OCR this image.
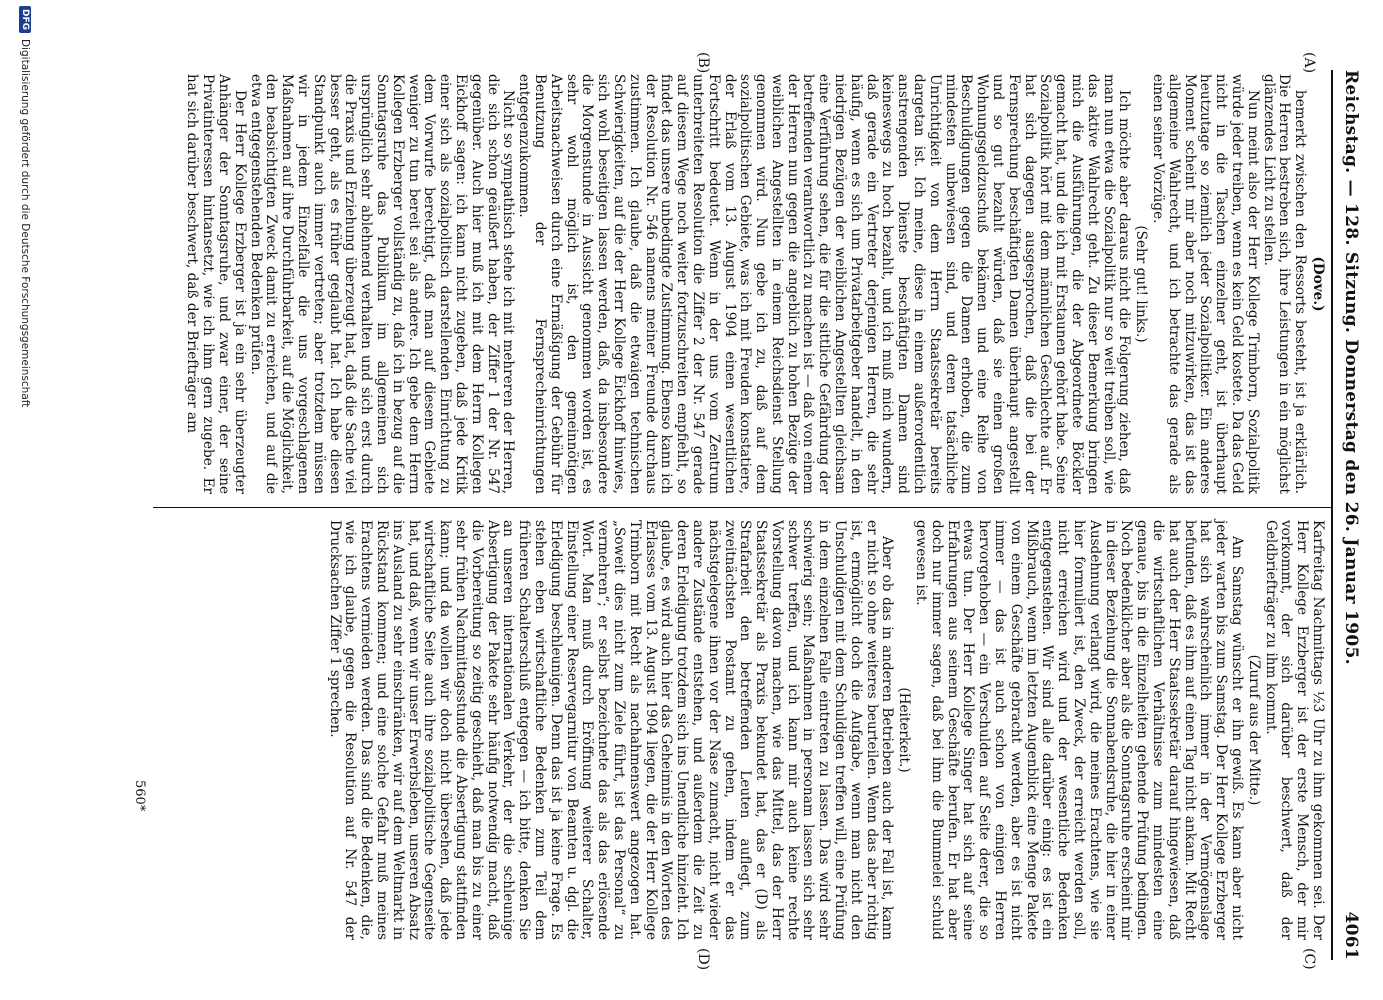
Reichstag. — 128. Sitzung. Donnerstag den 26. Januar 1905.
4061
(A)
(B)
(C)
(D)
(Dove.)

bemerkt zwischen den Ressorts besteht, ist ja erklärlich. Die Herren bestreben sich, ihre Leistungen in ein möglichst glänzendes Licht zu stellen.

Nun meint also der Herr Kollege Trimborn, Sozialpolitik würde jeder treiben, wenn es kein Geld kostete. Da das Geld nicht in die Taschen einzelner geht, ist überhaupt heutzutage so ziemlich jeder Sozialpolitiker. Ein anderes Moment scheint mir aber noch mitzuwirken, das ist das allgemeine Wahlrecht, und ich betrachte das gerade als einen seiner Vorzüge.

(Sehr gut! links.)

Ich möchte aber daraus nicht die Folgerung ziehen, daß man nun etwa die Sozialpolitik nur so weit treiben soll, wie das aktive Wahlrecht geht. Zu dieser Bemerkung bringen mich die Ausführungen, die der Abgeordnete Böckler gemacht hat, und die ich mit Erstaunen gehört habe. Seine Sozialpolitik hört mit dem männlichen Geschlechte auf. Er hat sich dagegen ausgesprochen, daß die bei der Fernsprechung beschäftigten Damen überhaupt angestellt und so gut bezahlt würden, daß sie einen großen Wohnungsgeldzuschuß bekämen und eine Reihe von Beschuldigungen gegen die Damen erhoben, die zum mindesten unbewiesen sind, und deren tatsächliche Unrichtigkeit von dem Herrn Staatssekretär bereits dargetan ist. Ich meine, diese in einem außerordentlich anstrengenden Dienste beschäftigten Damen sind keineswegs zu hoch bezahlt, und ich muß mich wundern, daß gerade ein Vertreter derjenigen Herren, die sehr häufig, wenn es sich um Privatarbeitgeber handelt, in den niedrigen Bezügen der weiblichen Angestellten gleichsam eine Verführung sehen, die für die sittliche Gefährdung der betreffenden verantwortlich zu machen ist — daß von einem der Herren nun gegen die angeblich zu hohen Bezüge der weiblichen Angestellten in einem Reichsdienst Stellung genommen wird. Nun gebe ich zu, daß auf dem sozialpolitischen Gebiete, was ich mit Freuden konstatiere, der Erlaß vom 13. August 1904 einen wesentlichen Fortschritt bedeutet. Wenn in der uns vom Zentrum unterbreiteten Resolution die Ziffer 2 der Nr. 547 gerade auf diesem Wege noch weiter fortzuschreiten empfiehlt, so findet das unsere unbedingte Zustimmung. Ebenso kann ich der Resolution Nr. 546 namens meiner Freunde durchaus zustimmen. Ich glaube, daß die etwaigen technischen Schwierigkeiten, auf die der Herr Kollege Eickhoff hinwies, sich wohl beseitigen lassen werden, daß, da insbesondere die Morgenstunde in Aussicht genommen worden ist, es sehr wohl möglich ist, den gemeinnötigen Arbeitsnachweisen durch eine Ermäßigung der Gebühr für Benutzung der Fernsprecheinrichtungen entgegenzukommen.

Nicht so sympathisch stehe ich mit mehreren der Herren, die sich schon geäußert haben, der Ziffer 1 der Nr. 547 gegenüber. Auch hier muß ich mit dem Herrn Kollegen Eickhoff sagen: ich kann nicht zugeben, daß jede Kritik einer sich als sozialpolitisch darstellenden Einrichtung zu dem Vorwurfe berechtigt, daß man auf diesem Gebiete weniger zu tun bereit sei als andere. Ich gebe dem Herrn Kollegen Erzberger vollständig zu, daß ich in bezug auf die Sonntagsruhe das Publikum im allgemeinen sich ursprünglich sehr ablehnend verhalten und sich erst durch die Praxis und Erziehung überzeugt hat, daß die Sache viel besser geht, als es früher geglaubt hat. Ich habe diesen Standpunkt auch immer vertreten; aber trotzdem müssen wir in jedem Einzelfalle die uns vorgeschlagenen Maßnahmen auf ihre Durchführbarkeit, auf die Möglichkeit, den beabsichtigten Zweck damit zu erreichen, und auf die etwa entgegenstehenden Bedenken prüfen.

Der Herr Kollege Erzberger ist ja ein sehr überzeugter Anhänger der Sonntagsruhe, und zwar einer, der seine Privatinteressen hintansetzt, wie ich ihm gern zugebe. Er hat sich darüber beschwert, daß der Briefträger am

Karfreitag Nachmittags ½3 Uhr zu ihm gekommen sei. Der Herr Kollege Erzberger ist der erste Mensch, der mir vorkommt, der sich darüber beschwert, daß der Geldbriefträger zu ihm kommt.

(Zuruf aus der Mitte.)

Am Samstag wünscht er ihn gewiß. Es kann aber nicht jeder warten bis zum Samstag. Der Herr Kollege Erzberger hat sich wahrscheinlich immer in der Vermögenslage befunden, daß es ihm auf einen Tag nicht ankam. Mit Recht hat auch der Herr Staatssekretär darauf hingewiesen, daß die wirtschaftlichen Verhältnisse zum mindesten eine genaue, bis in die Einzelheiten gehende Prüfung bedingen. Noch bedenklicher aber als die Sonntagsruhe erscheint mir in dieser Beziehung die Sonnabendsruhe, die hier in einer Ausdehnung verlangt wird, die meines Erachtens, wie sie hier formuliert ist, den Zweck, der erreicht werden soll, nicht erreichen wird und der wesentliche Bedenken entgegenstehen. Wir sind alle darüber einig: es ist ein Mißbrauch, wenn im letzten Augenblick eine Menge Pakete von einem Geschäfte gebracht werden, aber es ist nicht immer — das ist auch schon von einigen Herren hervorgehoben — ein Verschulden auf Seite derer, die so etwas tun. Der Herr Kollege Singer hat sich auf seine Erfahrungen aus seinem Geschäfte berufen. Er hat aber doch nur immer sagen, daß bei ihm die Bummelei schuld gewesen ist.

(Heiterkeit.)

Aber ob das in anderen Betrieben auch der Fall ist, kann er nicht so ohne weiteres beurteilen. Wenn das aber richtig ist, ermöglicht doch die Aufgabe, wenn man nicht den Unschuldigen mit dem Schuldigen treffen will, eine Prüfung in dem einzelnen Falle eintreten zu lassen. Das wird sehr schwierig sein; Maßnahmen in personam lassen sich sehr schwer treffen, und ich kann mir auch keine rechte Vorstellung davon machen, wie das Mittel, das der Herr Staatssekretär als Praxis bekundet hat, das er (D) als Strafarbeit den betreffenden Leuten auflegt, zum zweitnächsten Postamt zu gehen, indem er das nächstgelegene ihnen vor der Nase zumacht, nicht wieder andere Zustände entstehen, und außerdem die Zeit zu deren Erledigung trotzdem sich ins Unendliche hinzieht. Ich glaube, es wird auch hier das Geheimnis in den Worten des Erlasses vom 13. August 1904 liegen, die der Herr Kollege Trimborn mit Recht als nachahmenswert angezogen hat. „Soweit dies nicht zum Ziele führt, ist das Personal“ zu vermehren“; er selbst bezeichnete das als das erlösende Wort. Man muß durch Eröffnung weiterer Schalter, Einstellung einer Reservegarnitur von Beamten u. dgl. die Erledigung beschleunigen. Denn das ist ja keine Frage. Es stehen eben wirtschaftliche Bedenken zum Teil dem früheren Schalterschluß entgegen — ich bitte, denken Sie an unseren internationalen Verkehr, der die schleunige Absertigung der Pakete sehr häufig notwendig macht, daß die Vorbereitung so zeitig geschieht, daß man bis zu einer sehr frühen Nachmittagsstunde die Absertigung stattfinden kann; und da wollen wir doch nicht übersehen, daß jede wirtschaftliche Seite auch ihre sozialpolitische Gegenseite hat, und daß, wenn wir unser Erwerbsleben, unseren Absatz ins Ausland zu sehr einschränken, wir auf dem Weltmarkt in Rückstand kommen; und eine solche Gefahr muß meines Erachtens vermieden werden. Das sind die Bedenken, die, wie ich glaube, gegen die Resolution auf Nr. 547 der Drucksachen Ziffer 1 sprechen.

560*
DFGDigitalisierung gefördert durch die Deutsche Forschungsgemeinschaft
